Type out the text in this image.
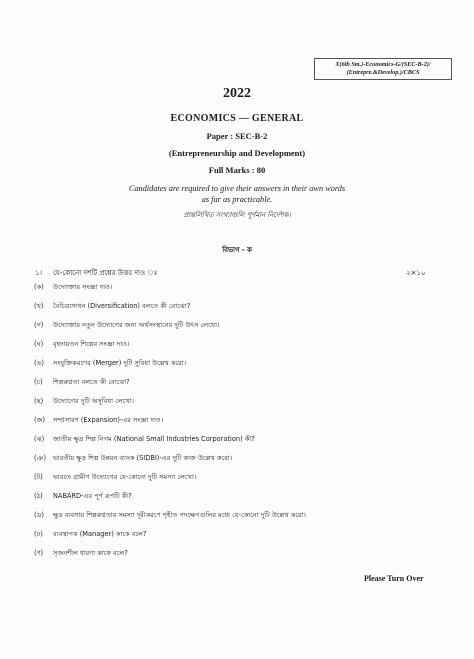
X(6th Sm.)-Economics-G/(SEC-B-2)/
(Entrepre.&Develop.)/CBCS
2022
ECONOMICS — GENERAL
Paper : SEC-B-2
(Entrepreneurship and Development)
Full Marks : 80
Candidates are required to give their answers in their own words
as far as practicable.
প্রান্তলিখিত সংখ্যাগুলি পূর্ণমান নির্দেশক।
বিভাগ - ক
১। যে-কোনো দশটি প্রশ্নের উত্তর দাও ঃ	২×১০
(ক) উদ্যোক্তার সংজ্ঞা দাও।
(খ) বৈচিত্র্যসাধন (Diversification) বলতে কী বোঝো?
(গ) উদ্যোক্তার নতুন উদ্যোগের জন্য অর্থসংস্থানের দুটি উৎস লেখো।
(ঘ) বৃহদায়তন শিল্পের সংজ্ঞা দাও।
(ঙ) সংযুক্তিকরণের (Merger) দুটি সুবিধা উল্লেখ করো।
(চ) শিল্পরুগ্নতা বলতে কী বোঝো?
(ছ) উদ্যোগের দুটি অসুবিধা লেখো।
(জ) সম্প্রসারণ (Expansion)-এর সংজ্ঞা দাও।
(ঝ) জাতীয় ক্ষুদ্র শিল্প নিগম (National Small Industries Corporation) কী?
(ঞ) ভারতীয় ক্ষুদ্র শিল্প উন্নয়ন ব্যাংক (SIDBI)-এর দুটি কাজ উল্লেখ করো।
(ট) ভারতে গ্রামীণ উদ্যোগের যে-কোনো দুটি সমস্যা লেখো।
(ঠ) NABARD-এর পূর্ণ রূপটি কী?
(ড) ক্ষুদ্র ব্যবসায় শিল্পরুগ্নতার সমস্যা দূরীকরণে গৃহীত পদক্ষেপগুলির মধ্যে যে-কোনো দুটি উল্লেখ করো।
(ঢ) ব্যবস্থাপক (Manager) কাকে বলে?
(ণ) সৃজনশীল ধারণা কাকে বলে?
Please Turn Over
